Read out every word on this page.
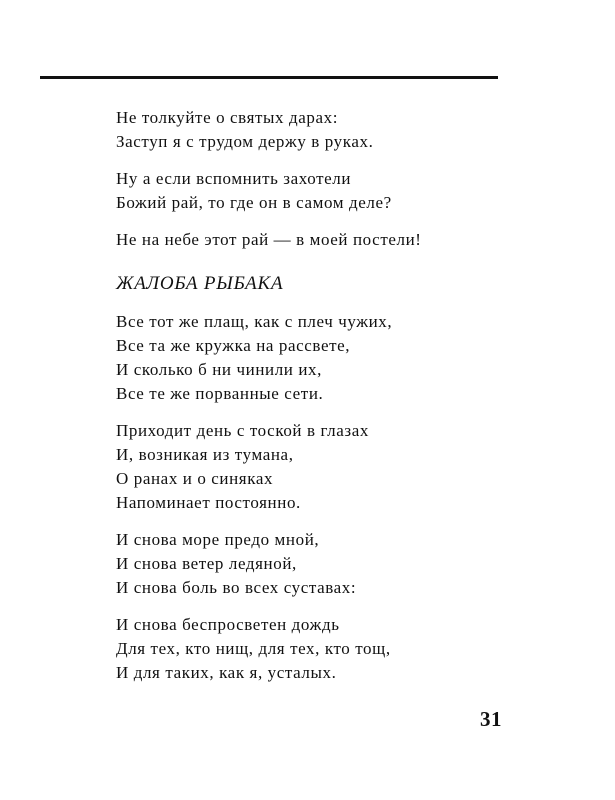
Не толкуйте о святых дарах:
Заступ я с трудом держу в руках.
Ну а если вспомнить захотели
Божий рай, то где он в самом деле?
Не на небе этот рай — в моей постели!
ЖАЛОБА РЫБАКА
Все тот же плащ, как с плеч чужих,
Все та же кружка на рассвете,
И сколько б ни чинили их,
Все те же порванные сети.
Приходит день с тоской в глазах
И, возникая из тумана,
О ранах и о синяках
Напоминает постоянно.
И снова море предо мной,
И снова ветер ледяной,
И снова боль во всех суставах:
И снова беспросветен дождь
Для тех, кто нищ, для тех, кто тощ,
И для таких, как я, усталых.
31
